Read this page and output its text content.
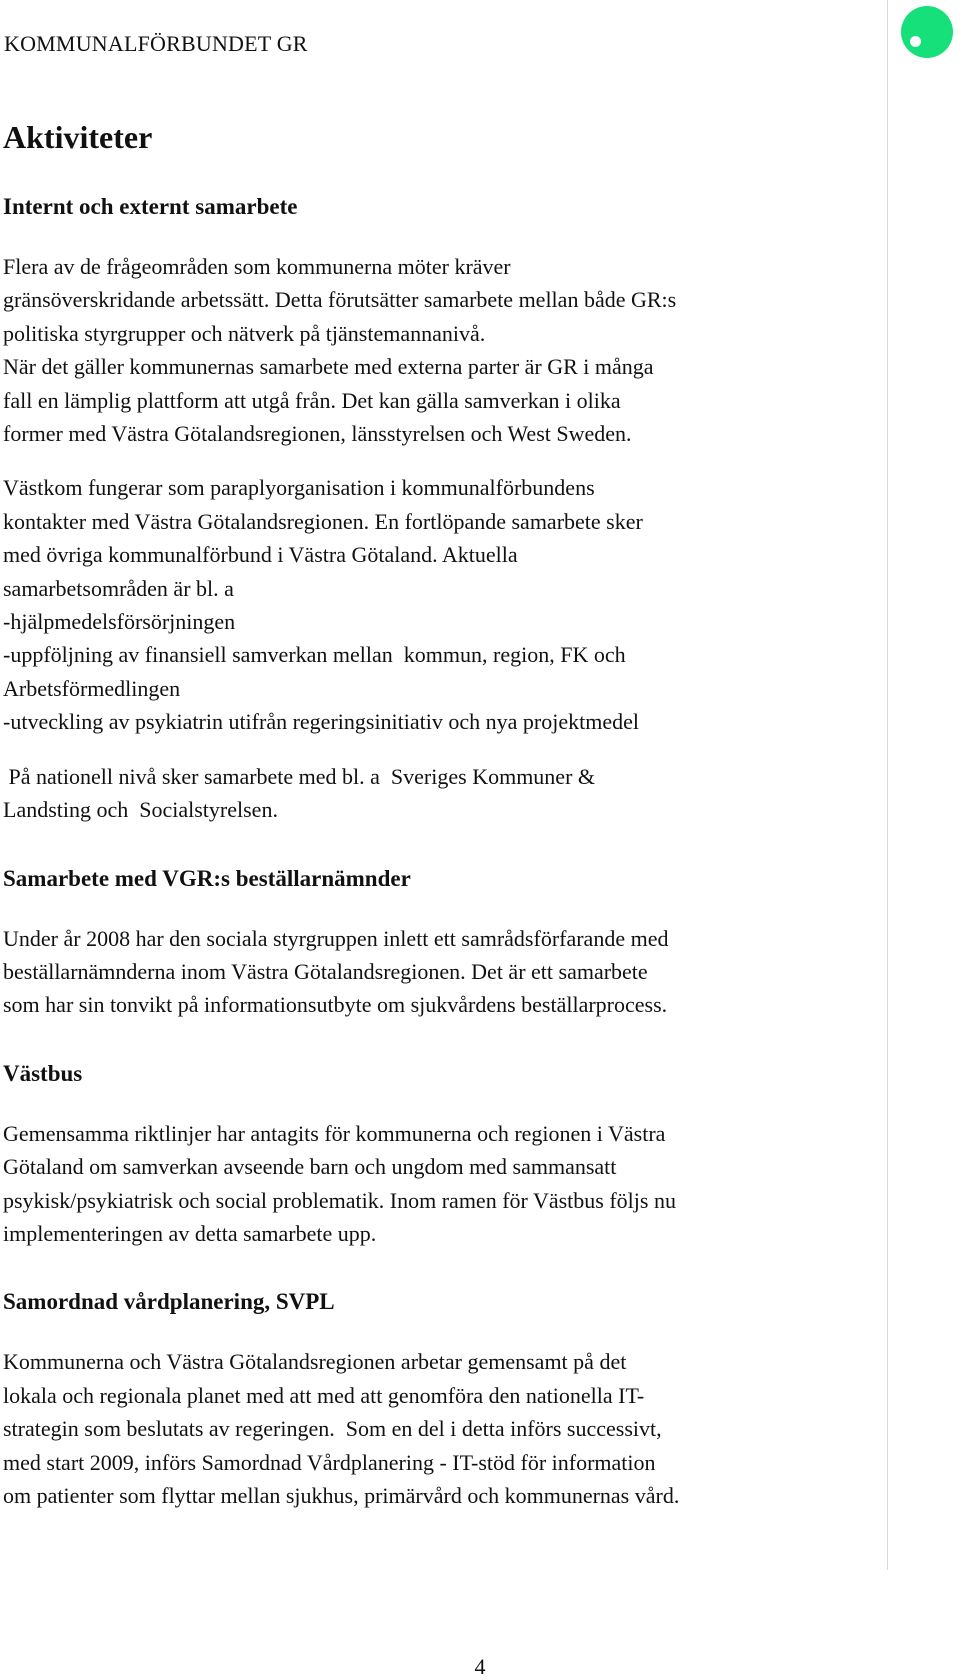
KOMMUNALFÖRBUNDET GR
Aktiviteter
Internt och externt samarbete

Flera av de frågeområden som kommunerna möter kräver
gränsöverskridande arbetssätt. Detta förutsätter samarbete mellan både GR:s
politiska styrgrupper och nätverk på tjänstemannanivå.
När det gäller kommunernas samarbete med externa parter är GR i många
fall en lämplig plattform att utgå från. Det kan gälla samverkan i olika
former med Västra Götalandsregionen, länsstyrelsen och West Sweden.

Västkom fungerar som paraplyorganisation i kommunalförbundens
kontakter med Västra Götalandsregionen. En fortlöpande samarbete sker
med övriga kommunalförbund i Västra Götaland. Aktuella
samarbetsområden är bl. a
-hjälpmedelsförsörjningen
-uppföljning av finansiell samverkan mellan  kommun, region, FK och
Arbetsförmedlingen
-utveckling av psykiatrin utifrån regeringsinitiativ och nya projektmedel

På nationell nivå sker samarbete med bl. a  Sveriges Kommuner &
Landsting och  Socialstyrelsen.

Samarbete med VGR:s beställarnämnder

Under år 2008 har den sociala styrgruppen inlett ett samrådsförfarande med
beställarnämnderna inom Västra Götalandsregionen. Det är ett samarbete
som har sin tonvikt på informationsutbyte om sjukvårdens beställarprocess.

Västbus

Gemensamma riktlinjer har antagits för kommunerna och regionen i Västra
Götaland om samverkan avseende barn och ungdom med sammansatt
psykisk/psykiatrisk och social problematik. Inom ramen för Västbus följs nu
implementeringen av detta samarbete upp.

Samordnad vårdplanering, SVPL

Kommunerna och Västra Götalandsregionen arbetar gemensamt på det
lokala och regionala planet med att med att genomföra den nationella IT-
strategin som beslutats av regeringen.  Som en del i detta införs successivt,
med start 2009, införs Samordnad Vårdplanering - IT-stöd för information
om patienter som flyttar mellan sjukhus, primärvård och kommunernas vård.

4
